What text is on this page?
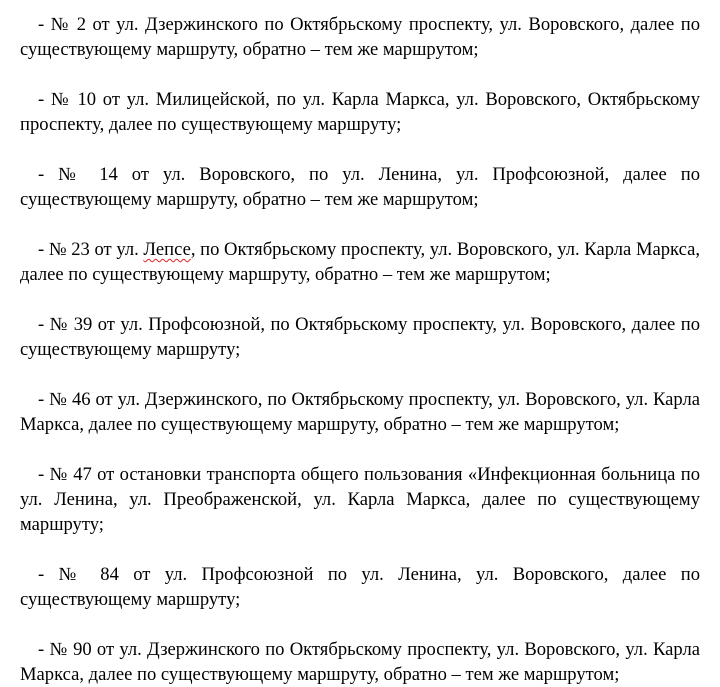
- № 2 от ул. Дзержинского по Октябрьскому проспекту, ул. Воровского, далее по существующему маршруту, обратно – тем же маршрутом;

- № 10 от ул. Милицейской, по ул. Карла Маркса, ул. Воровского, Октябрьскому проспекту, далее по существующему маршруту;

- № 14 от ул. Воровского, по ул. Ленина, ул. Профсоюзной, далее по существующему маршруту, обратно – тем же маршрутом;

- № 23 от ул. Лепсе, по Октябрьскому проспекту, ул. Воровского, ул. Карла Маркса, далее по существующему маршруту, обратно – тем же маршрутом;

- № 39 от ул. Профсоюзной, по Октябрьскому проспекту, ул. Воровского, далее по существующему маршруту;

- № 46 от ул. Дзержинского, по Октябрьскому проспекту, ул. Воровского, ул. Карла Маркса, далее по существующему маршруту, обратно – тем же маршрутом;

- № 47 от остановки транспорта общего пользования «Инфекционная больница по ул. Ленина, ул. Преображенской, ул. Карла Маркса, далее по существующему маршруту;

- № 84 от ул. Профсоюзной по ул. Ленина, ул. Воровского, далее по существующему маршруту;

- № 90 от ул. Дзержинского по Октябрьскому проспекту, ул. Воровского, ул. Карла Маркса, далее по существующему маршруту, обратно – тем же маршрутом;
